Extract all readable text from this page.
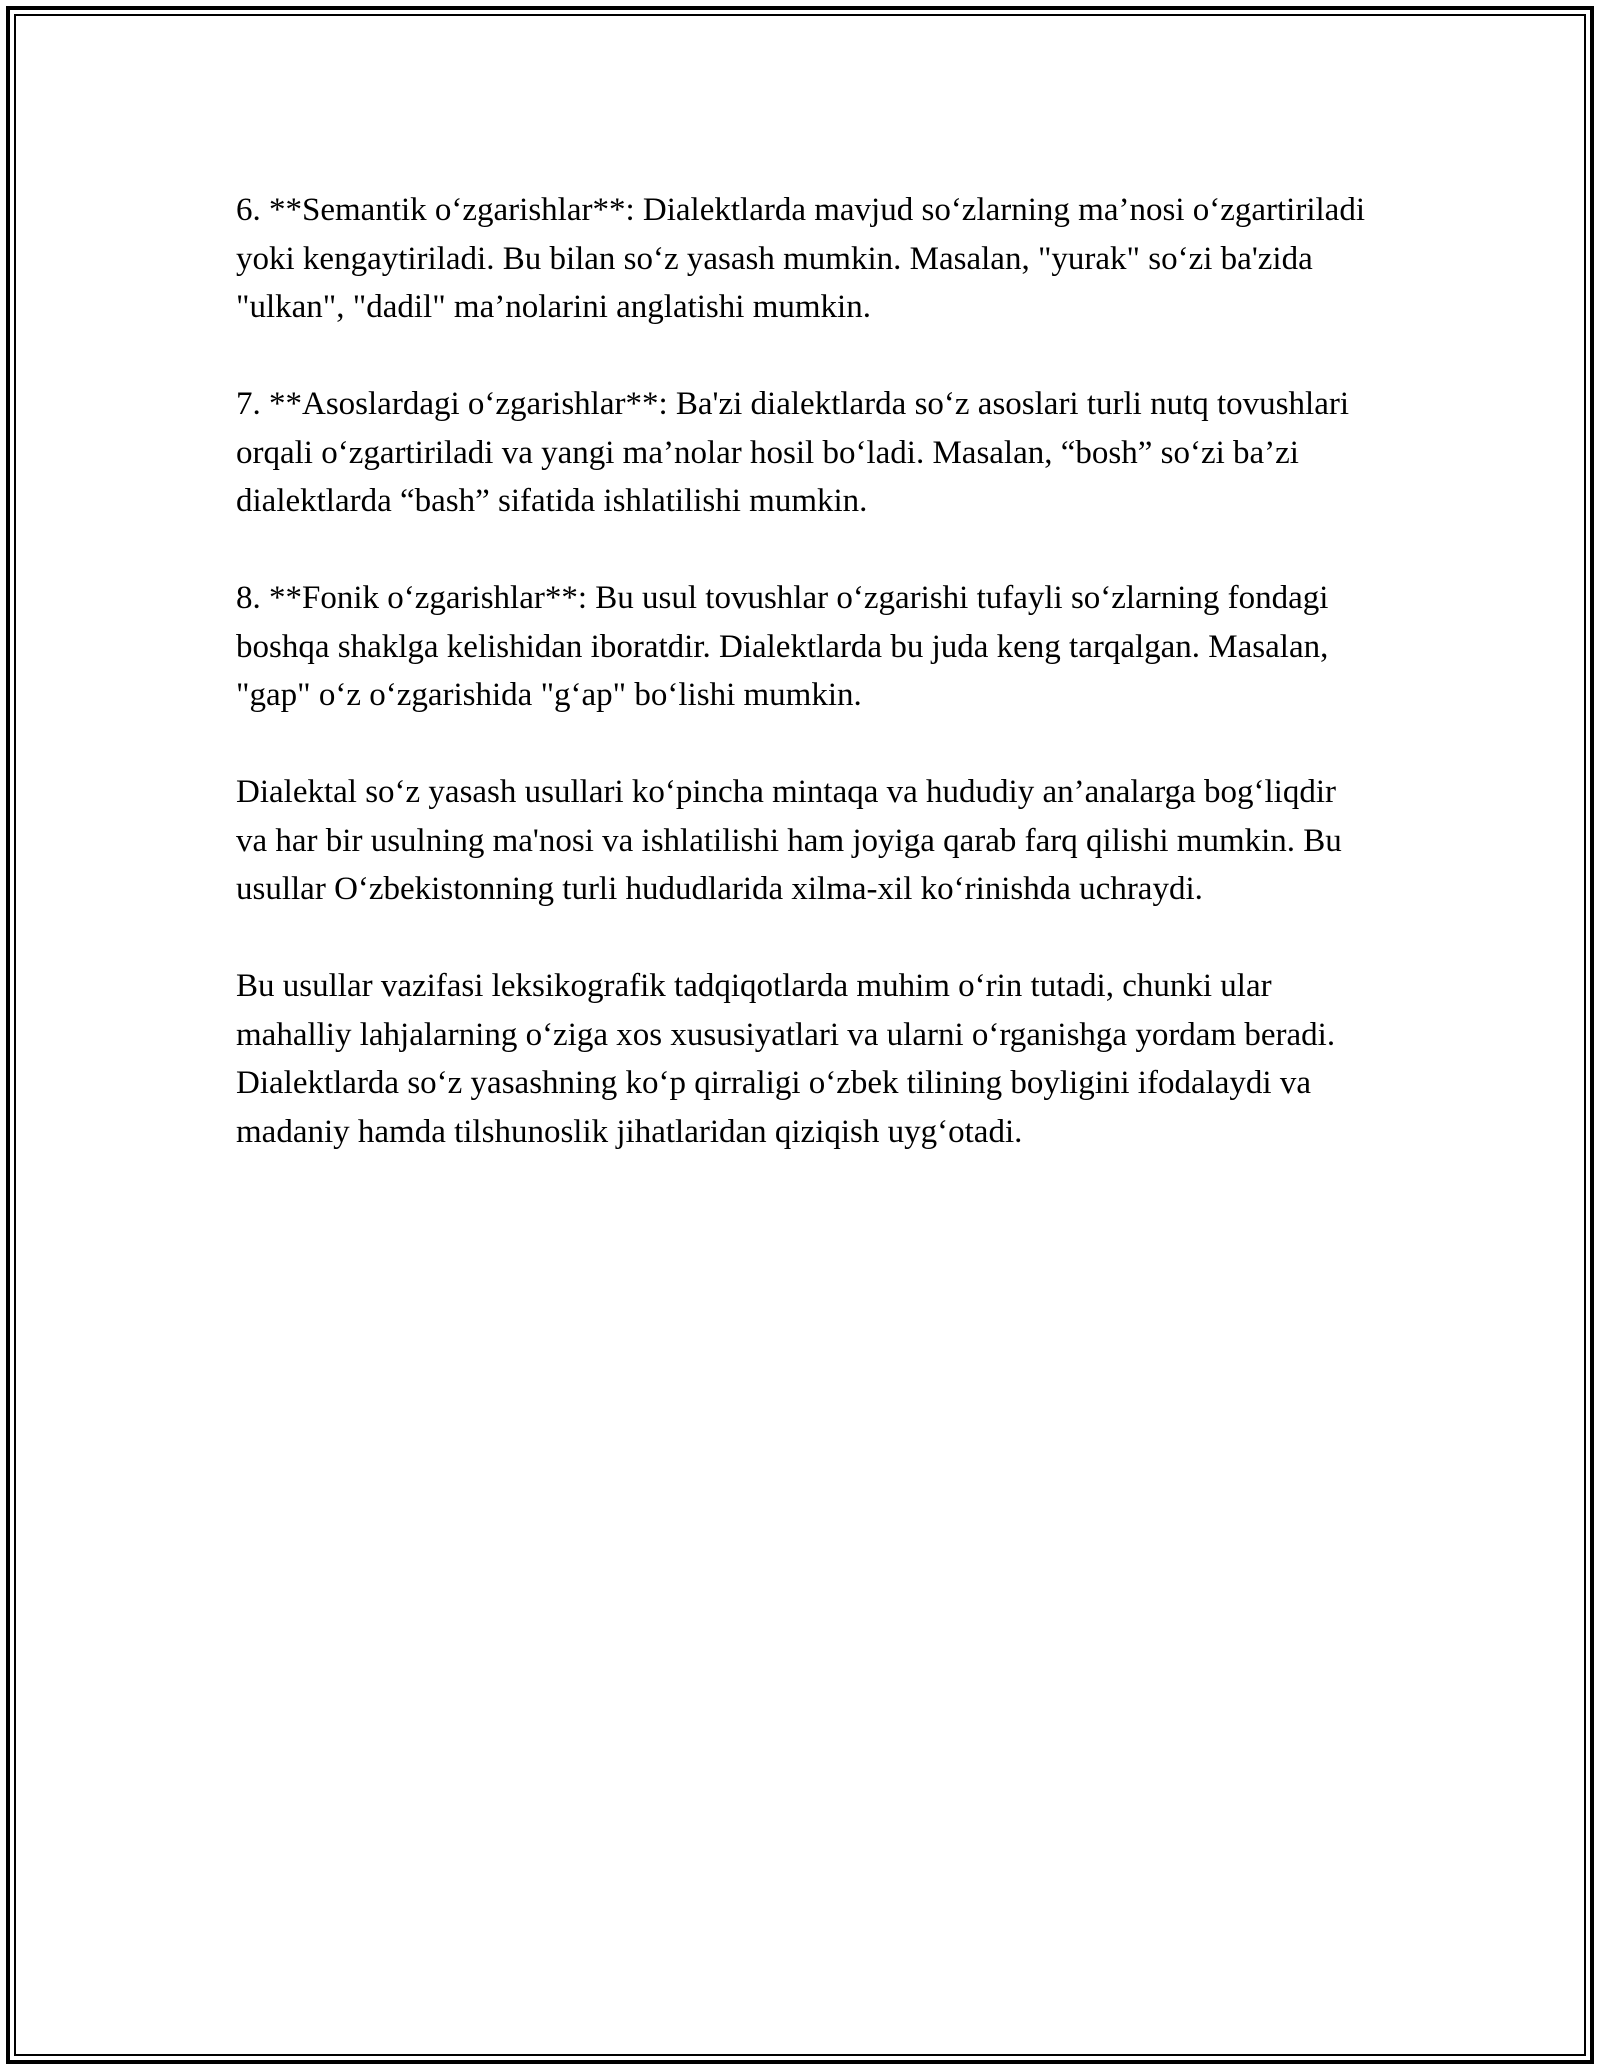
6. **Semantik o‘zgarishlar**: Dialektlarda mavjud so‘zlarning ma’nosi o‘zgartiriladi yoki kengaytiriladi. Bu bilan so‘z yasash mumkin. Masalan, "yurak" so‘zi ba'zida "ulkan", "dadil" ma’nolarini anglatishi mumkin.

7. **Asoslardagi o‘zgarishlar**: Ba'zi dialektlarda so‘z asoslari turli nutq tovushlari orqali o‘zgartiriladi va yangi ma’nolar hosil bo‘ladi. Masalan, “bosh” so‘zi ba’zi dialektlarda “bash” sifatida ishlatilishi mumkin.

8. **Fonik o‘zgarishlar**: Bu usul tovushlar o‘zgarishi tufayli so‘zlarning fondagi boshqa shaklga kelishidan iboratdir. Dialektlarda bu juda keng tarqalgan. Masalan, "gap" o‘z o‘zgarishida "g‘ap" bo‘lishi mumkin.

Dialektal so‘z yasash usullari ko‘pincha mintaqa va hududiy an’analarga bog‘liqdir va har bir usulning ma'nosi va ishlatilishi ham joyiga qarab farq qilishi mumkin. Bu usullar O‘zbekistonning turli hududlarida xilma-xil ko‘rinishda uchraydi.

Bu usullar vazifasi leksikografik tadqiqotlarda muhim o‘rin tutadi, chunki ular mahalliy lahjalarning o‘ziga xos xususiyatlari va ularni o‘rganishga yordam beradi. Dialektlarda so‘z yasashning ko‘p qirraligi o‘zbek tilining boyligini ifodalaydi va madaniy hamda tilshunoslik jihatlaridan qiziqish uyg‘otadi.
